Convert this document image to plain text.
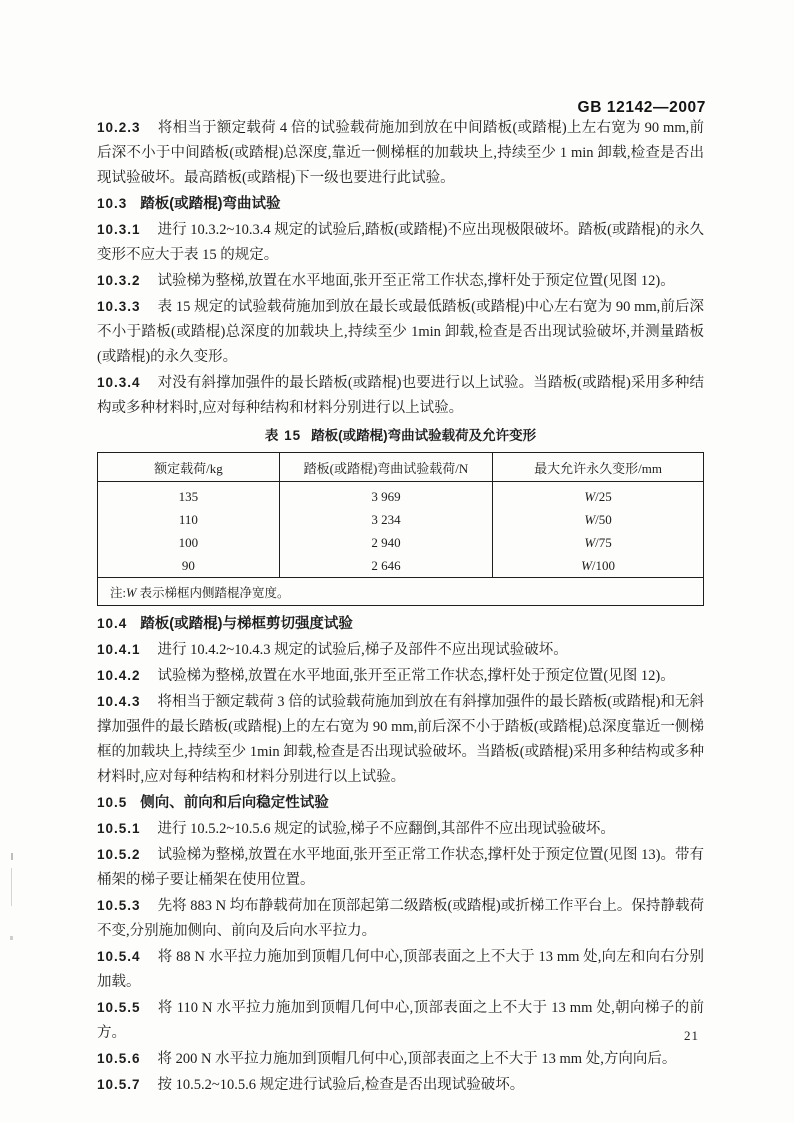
GB 12142—2007
10.2.3 将相当于额定载荷 4 倍的试验载荷施加到放在中间踏板(或踏棍)上左右宽为 90 mm,前后深不小于中间踏板(或踏棍)总深度,靠近一侧梯框的加载块上,持续至少 1 min 卸载,检查是否出现试验破坏。最高踏板(或踏棍)下一级也要进行此试验。
10.3 踏板(或踏棍)弯曲试验
10.3.1 进行 10.3.2~10.3.4 规定的试验后,踏板(或踏棍)不应出现极限破坏。踏板(或踏棍)的永久变形不应大于表 15 的规定。
10.3.2 试验梯为整梯,放置在水平地面,张开至正常工作状态,撑杆处于预定位置(见图 12)。
10.3.3 表 15 规定的试验载荷施加到放在最长或最低踏板(或踏棍)中心左右宽为 90 mm,前后深不小于踏板(或踏棍)总深度的加载块上,持续至少 1min 卸载,检查是否出现试验破坏,并测量踏板(或踏棍)的永久变形。
10.3.4 对没有斜撑加强件的最长踏板(或踏棍)也要进行以上试验。当踏板(或踏棍)采用多种结构或多种材料时,应对每种结构和材料分别进行以上试验。
表 15 踏板(或踏棍)弯曲试验载荷及允许变形
额定载荷/kg	踏板(或踏棍)弯曲试验载荷/N	最大允许永久变形/mm
135	3 969	W/25
110	3 234	W/50
100	2 940	W/75
90	2 646	W/100
注:W 表示梯框内侧踏棍净宽度。		
10.4 踏板(或踏棍)与梯框剪切强度试验
10.4.1 进行 10.4.2~10.4.3 规定的试验后,梯子及部件不应出现试验破坏。
10.4.2 试验梯为整梯,放置在水平地面,张开至正常工作状态,撑杆处于预定位置(见图 12)。
10.4.3 将相当于额定载荷 3 倍的试验载荷施加到放在有斜撑加强件的最长踏板(或踏棍)和无斜撑加强件的最长踏板(或踏棍)上的左右宽为 90 mm,前后深不小于踏板(或踏棍)总深度靠近一侧梯框的加载块上,持续至少 1min 卸载,检查是否出现试验破坏。当踏板(或踏棍)采用多种结构或多种材料时,应对每种结构和材料分别进行以上试验。
10.5 侧向、前向和后向稳定性试验
10.5.1 进行 10.5.2~10.5.6 规定的试验,梯子不应翻倒,其部件不应出现试验破坏。
10.5.2 试验梯为整梯,放置在水平地面,张开至正常工作状态,撑杆处于预定位置(见图 13)。带有桶架的梯子要让桶架在使用位置。
10.5.3 先将 883 N 均布静载荷加在顶部起第二级踏板(或踏棍)或折梯工作平台上。保持静载荷不变,分别施加侧向、前向及后向水平拉力。
10.5.4 将 88 N 水平拉力施加到顶帽几何中心,顶部表面之上不大于 13 mm 处,向左和向右分别加载。
10.5.5 将 110 N 水平拉力施加到顶帽几何中心,顶部表面之上不大于 13 mm 处,朝向梯子的前方。
10.5.6 将 200 N 水平拉力施加到顶帽几何中心,顶部表面之上不大于 13 mm 处,方向向后。
10.5.7 按 10.5.2~10.5.6 规定进行试验后,检查是否出现试验破坏。
21
